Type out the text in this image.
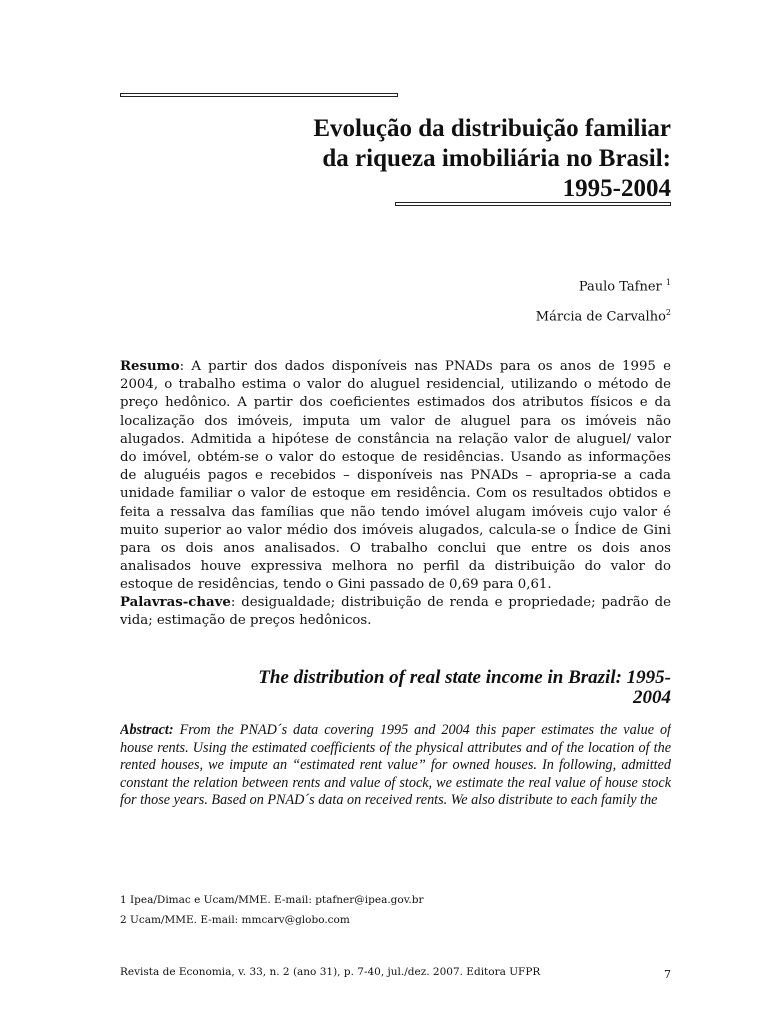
Evolução da distribuição familiar
da riqueza imobiliária no Brasil:
1995-2004
Paulo Tafner $^1$
Márcia de Carvalho$^2$
Resumo: A partir dos dados disponíveis nas PNADs para os anos de 1995 e 2004, o trabalho estima o valor do aluguel residencial, utilizando o método de preço hedônico. A partir dos coeficientes estimados dos atributos físicos e da localização dos imóveis, imputa um valor de aluguel para os imóveis não alugados. Admitida a hipótese de constância na relação valor de aluguel/ valor do imóvel, obtém-se o valor do estoque de residências. Usando as informações de aluguéis pagos e recebidos – disponíveis nas PNADs – apropria-se a cada unidade familiar o valor de estoque em residência. Com os resultados obtidos e feita a ressalva das famílias que não tendo imóvel alugam imóveis cujo valor é muito superior ao valor médio dos imóveis alugados, calcula-se o Índice de Gini para os dois anos analisados. O trabalho conclui que entre os dois anos analisados houve expressiva melhora no perfil da distribuição do valor do estoque de residências, tendo o Gini passado de 0,69 para 0,61.
Palavras-chave: desigualdade; distribuição de renda e propriedade; padrão de vida; estimação de preços hedônicos.
The distribution of real state income in Brazil: 1995-
2004
Abstract: From the PNAD´s data covering 1995 and 2004 this paper estimates the value of house rents. Using the estimated coefficients of the physical attributes and of the location of the rented houses, we impute an “estimated rent value” for owned houses. In following, admitted constant the relation between rents and value of stock, we estimate the real value of house stock for those years. Based on PNAD´s data on received rents. We also distribute to each family the
1 Ipea/Dimac e Ucam/MME. E-mail: ptafner@ipea.gov.br
2 Ucam/MME. E-mail: mmcarv@globo.com
Revista de Economia, v. 33, n. 2 (ano 31), p. 7-40, jul./dez. 2007. Editora UFPR	7
